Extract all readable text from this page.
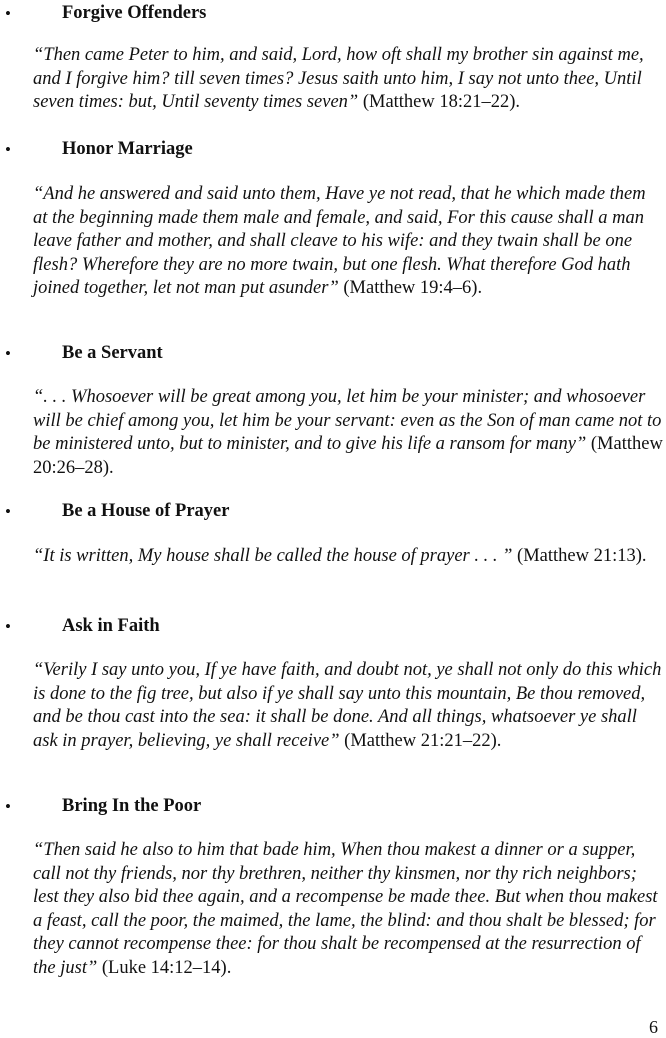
•	Forgive Offenders

“Then came Peter to him, and said, Lord, how oft shall my brother sin against me, and I forgive him? till seven times? Jesus saith unto him, I say not unto thee, Until seven times: but, Until seventy times seven” (Matthew 18:21–22).

•	Honor Marriage

“And he answered and said unto them, Have ye not read, that he which made them at the beginning made them male and female, and said, For this cause shall a man leave father and mother, and shall cleave to his wife: and they twain shall be one flesh? Wherefore they are no more twain, but one flesh. What therefore God hath joined together, let not man put asunder” (Matthew 19:4–6).

•	Be a Servant

“. . . Whosoever will be great among you, let him be your minister; and whosoever will be chief among you, let him be your servant: even as the Son of man came not to be ministered unto, but to minister, and to give his life a ransom for many” (Matthew 20:26–28).

•	Be a House of Prayer

“It is written, My house shall be called the house of prayer . . . ” (Matthew 21:13).

•	Ask in Faith

“Verily I say unto you, If ye have faith, and doubt not, ye shall not only do this which is done to the fig tree, but also if ye shall say unto this mountain, Be thou removed, and be thou cast into the sea: it shall be done. And all things, whatsoever ye shall ask in prayer, believing, ye shall receive” (Matthew 21:21–22).

•	Bring In the Poor

“Then said he also to him that bade him, When thou makest a dinner or a supper, call not thy friends, nor thy brethren, neither thy kinsmen, nor thy rich neighbors; lest they also bid thee again, and a recompense be made thee. But when thou makest a feast, call the poor, the maimed, the lame, the blind: and thou shalt be blessed; for they cannot recompense thee: for thou shalt be recompensed at the resurrection of the just” (Luke 14:12–14).

6
